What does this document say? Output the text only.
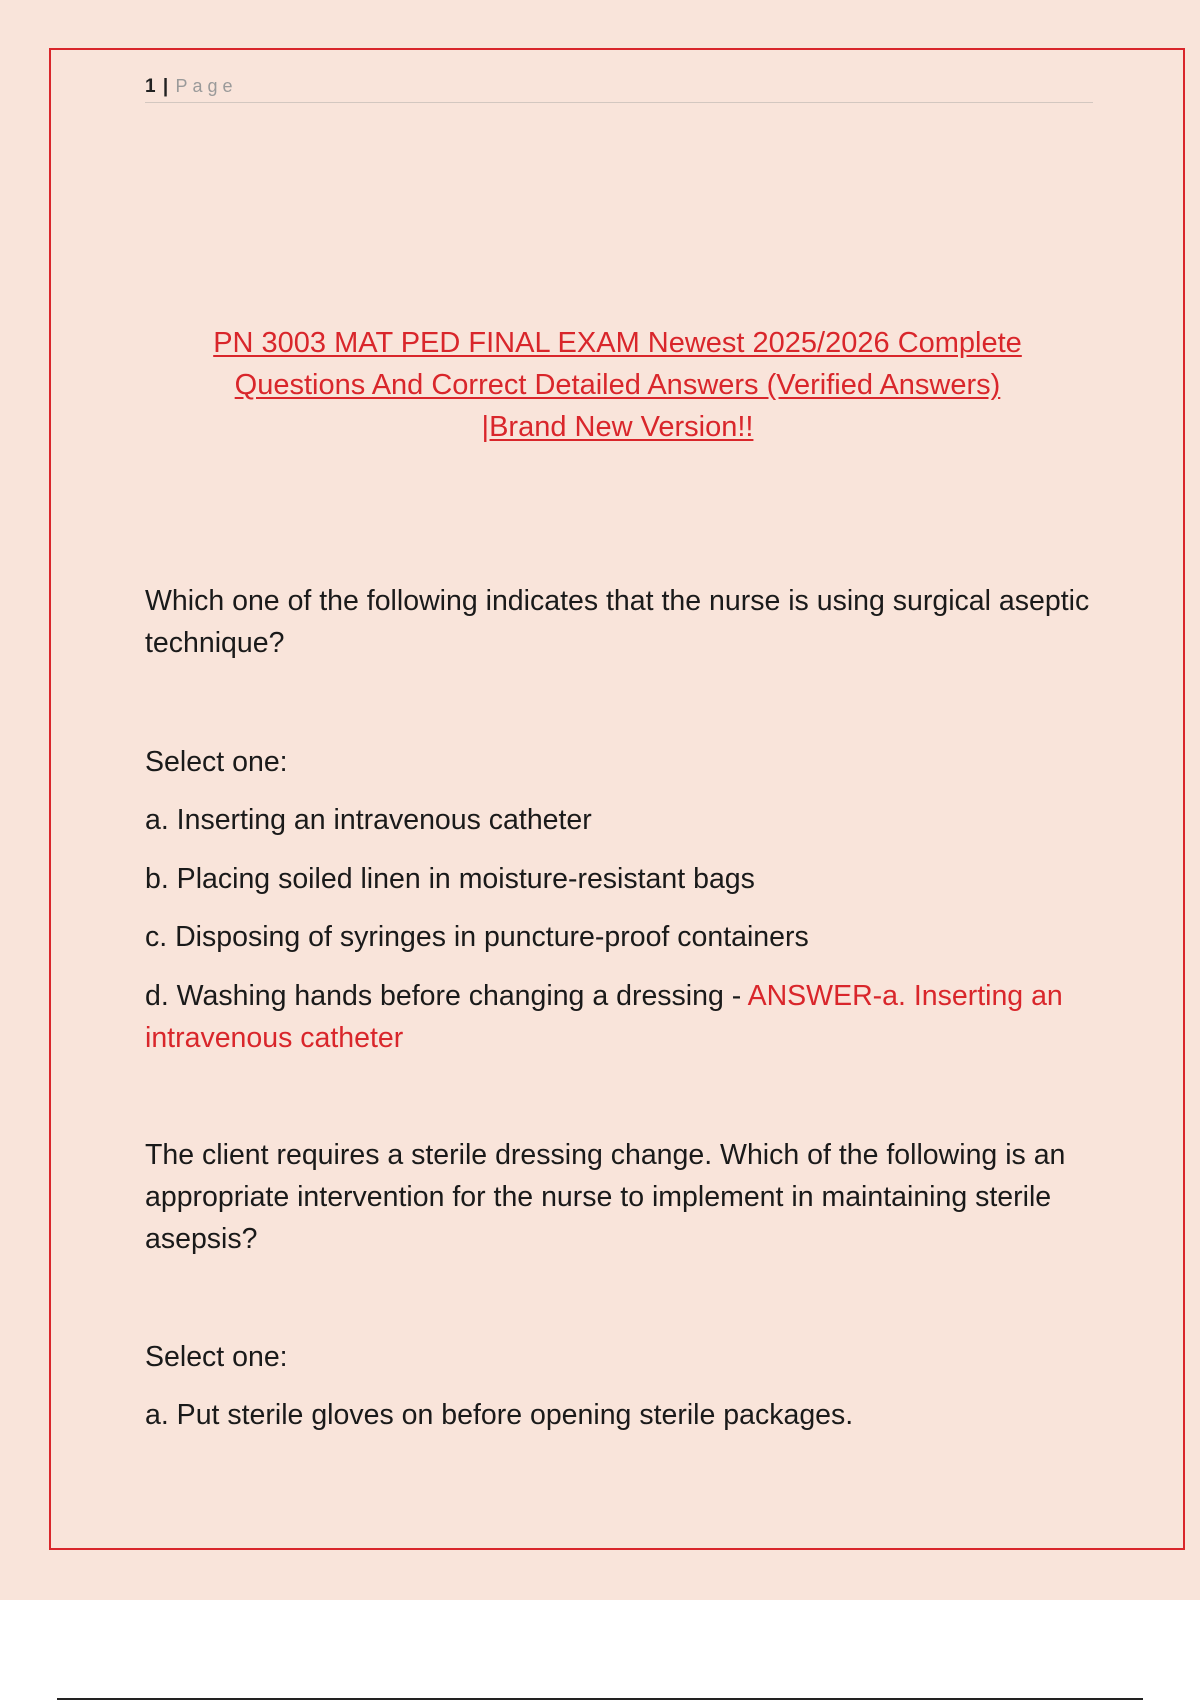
1 | Page
PN 3003 MAT PED FINAL EXAM Newest 2025/2026 Complete
Questions And Correct Detailed Answers (Verified Answers)
|Brand New Version!!
Which one of the following indicates that the nurse is using surgical aseptic technique?
Select one:
a. Inserting an intravenous catheter
b. Placing soiled linen in moisture-resistant bags
c. Disposing of syringes in puncture-proof containers
d. Washing hands before changing a dressing - ANSWER-a. Inserting an intravenous catheter
The client requires a sterile dressing change. Which of the following is an appropriate intervention for the nurse to implement in maintaining sterile asepsis?
Select one:
a. Put sterile gloves on before opening sterile packages.
